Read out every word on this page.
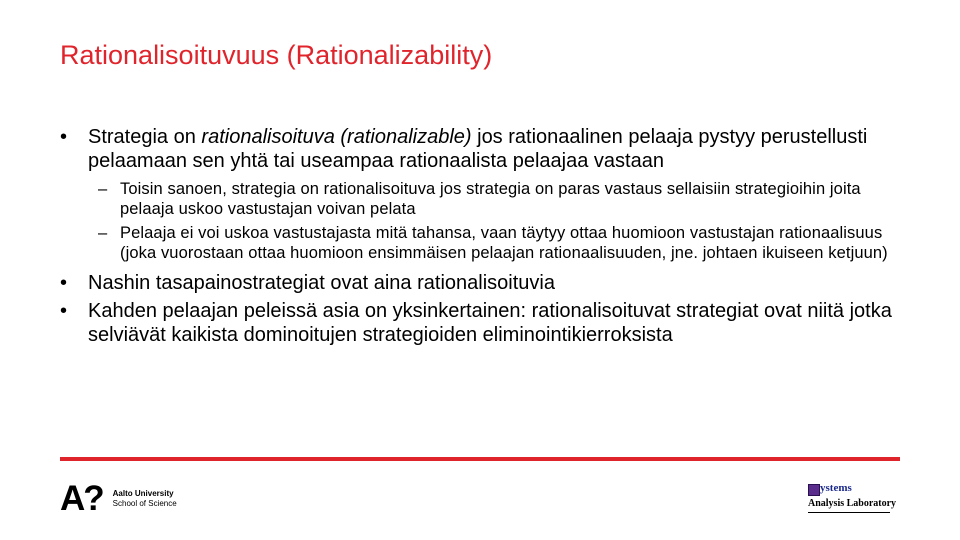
Rationalisoituvuus (Rationalizability)
• Strategia on rationalisoituva (rationalizable) jos rationaalinen pelaaja pystyy perustellusti pelaamaan sen yhtä tai useampaa rationaalista pelaajaa vastaan
– Toisin sanoen, strategia on rationalisoituva jos strategia on paras vastaus sellaisiin strategioihin joita pelaaja uskoo vastustajan voivan pelata
– Pelaaja ei voi uskoa vastustajasta mitä tahansa, vaan täytyy ottaa huomioon vastustajan rationaalisuus (joka vuorostaan ottaa huomioon ensimmäisen pelaajan rationaalisuuden, jne. johtaen ikuiseen ketjuun)
• Nashin tasapainostrategiat ovat aina rationalisoituvia
• Kahden pelaajan peleissä asia on yksinkertainen: rationalisoituvat strategiat ovat niitä jotka selviävät kaikista dominoitujen strategioiden eliminointikierroksista
A? Aalto University
School of Science
ystems
Analysis Laboratory
